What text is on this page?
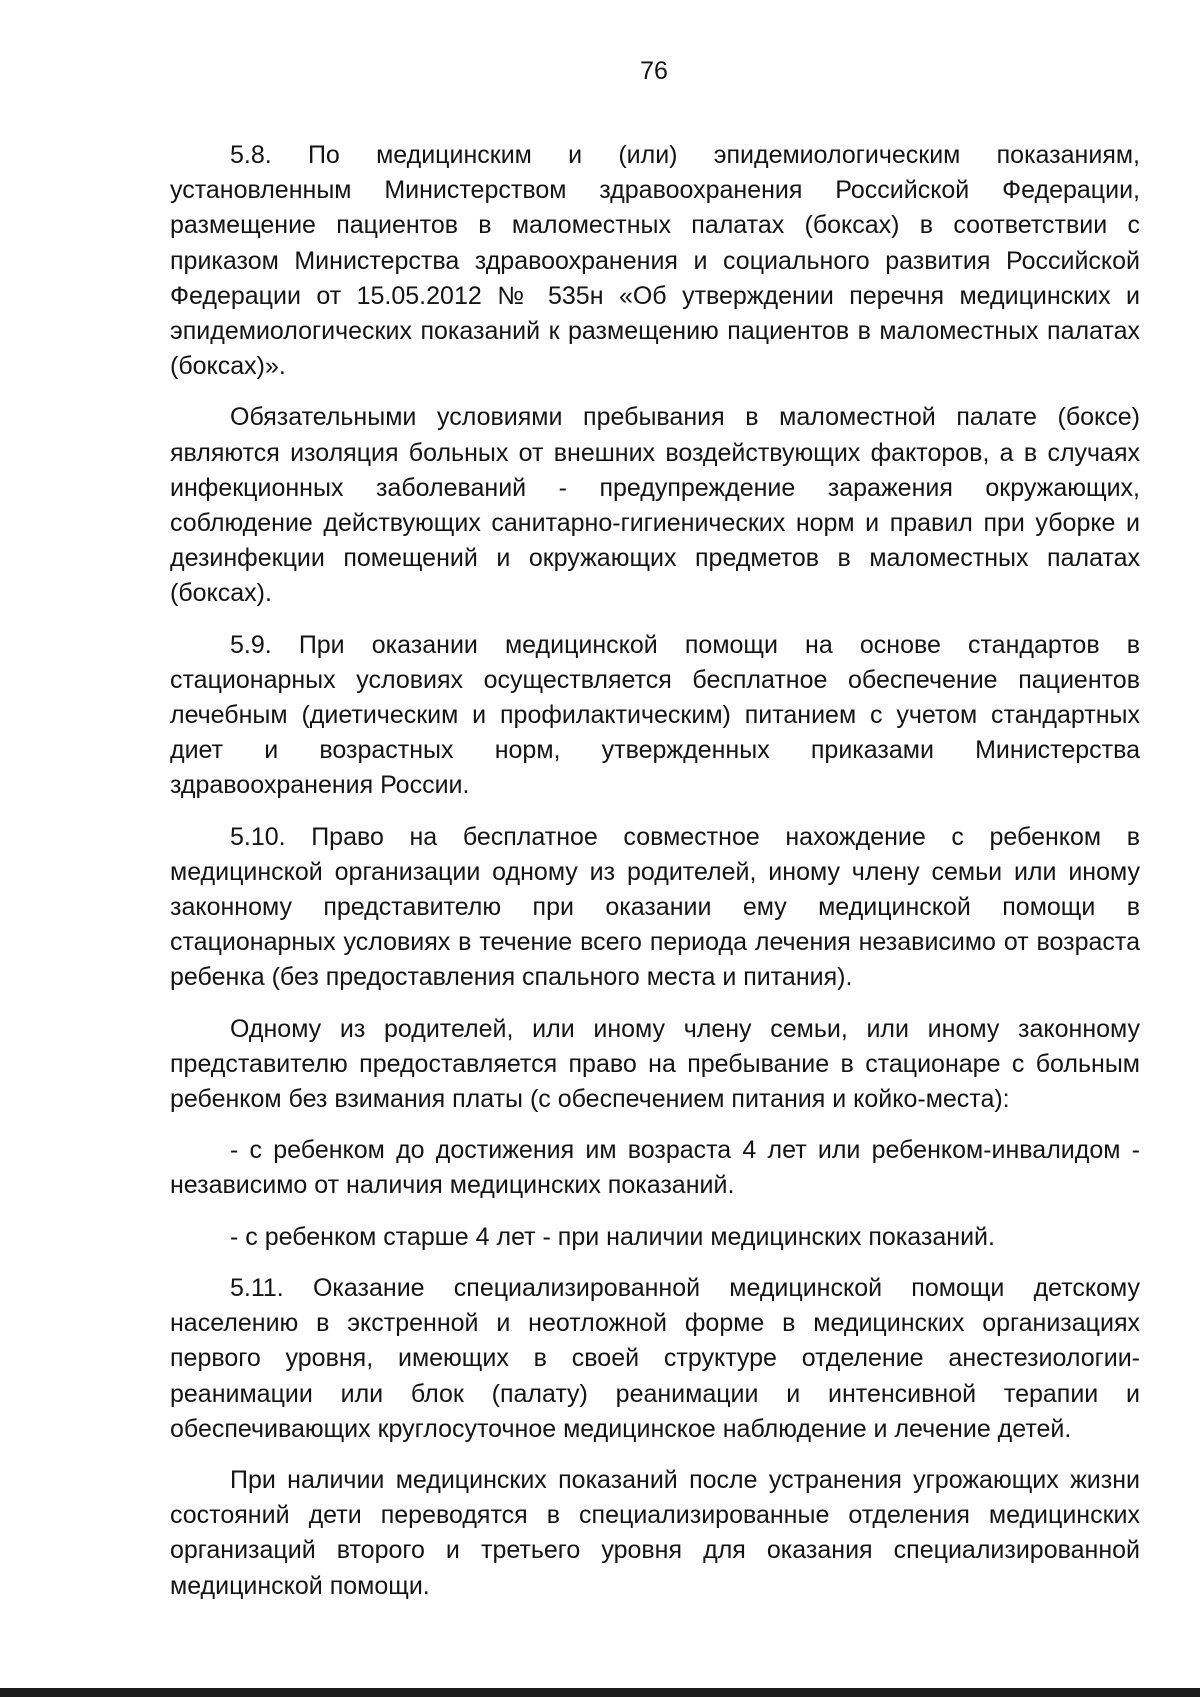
76

5.8. По медицинским и (или) эпидемиологическим показаниям, установленным Министерством здравоохранения Российской Федерации, размещение пациентов в маломестных палатах (боксах) в соответствии с приказом Министерства здравоохранения и социального развития Российской Федерации от 15.05.2012 № 535н «Об утверждении перечня медицинских и эпидемиологических показаний к размещению пациентов в маломестных палатах (боксах)».

Обязательными условиями пребывания в маломестной палате (боксе) являются изоляция больных от внешних воздействующих факторов, а в случаях инфекционных заболеваний - предупреждение заражения окружающих, соблюдение действующих санитарно-гигиенических норм и правил при уборке и дезинфекции помещений и окружающих предметов в маломестных палатах (боксах).

5.9. При оказании медицинской помощи на основе стандартов в стационарных условиях осуществляется бесплатное обеспечение пациентов лечебным (диетическим и профилактическим) питанием с учетом стандартных диет и возрастных норм, утвержденных приказами Министерства здравоохранения России.

5.10. Право на бесплатное совместное нахождение с ребенком в медицинской организации одному из родителей, иному члену семьи или иному законному представителю при оказании ему медицинской помощи в стационарных условиях в течение всего периода лечения независимо от возраста ребенка (без предоставления спального места и питания).

Одному из родителей, или иному члену семьи, или иному законному представителю предоставляется право на пребывание в стационаре с больным ребенком без взимания платы (с обеспечением питания и койко-места):

- с ребенком до достижения им возраста 4 лет или ребенком-инвалидом - независимо от наличия медицинских показаний.

- с ребенком старше 4 лет - при наличии медицинских показаний.

5.11. Оказание специализированной медицинской помощи детскому населению в экстренной и неотложной форме в медицинских организациях первого уровня, имеющих в своей структуре отделение анестезиологии-реанимации или блок (палату) реанимации и интенсивной терапии и обеспечивающих круглосуточное медицинское наблюдение и лечение детей.

При наличии медицинских показаний после устранения угрожающих жизни состояний дети переводятся в специализированные отделения медицинских организаций второго и третьего уровня для оказания специализированной медицинской помощи.
